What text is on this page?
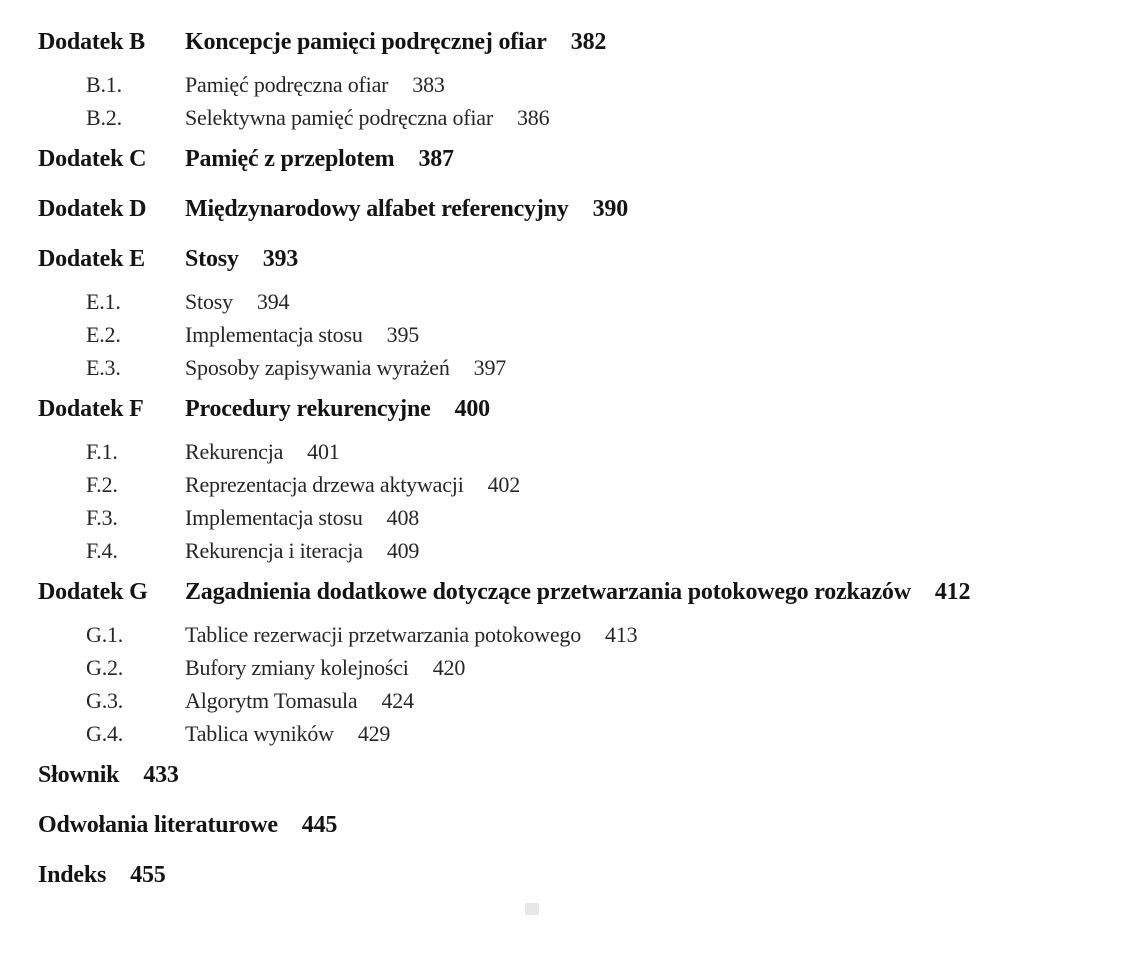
Dodatek B	Koncepcje pamięci podręcznej ofiar 382
B.1.	Pamięć podręczna ofiar 383
B.2.	Selektywna pamięć podręczna ofiar 386
Dodatek C	Pamięć z przeplotem 387
Dodatek D	Międzynarodowy alfabet referencyjny 390
Dodatek E	Stosy 393
E.1.	Stosy 394
E.2.	Implementacja stosu 395
E.3.	Sposoby zapisywania wyrażeń 397
Dodatek F	Procedury rekurencyjne 400
F.1.	Rekurencja 401
F.2.	Reprezentacja drzewa aktywacji 402
F.3.	Implementacja stosu 408
F.4.	Rekurencja i iteracja 409
Dodatek G	Zagadnienia dodatkowe dotyczące przetwarzania potokowego rozkazów 412
G.1.	Tablice rezerwacji przetwarzania potokowego 413
G.2.	Bufory zmiany kolejności 420
G.3.	Algorytm Tomasula 424
G.4.	Tablica wyników 429
Słownik 433
Odwołania literaturowe 445
Indeks 455
